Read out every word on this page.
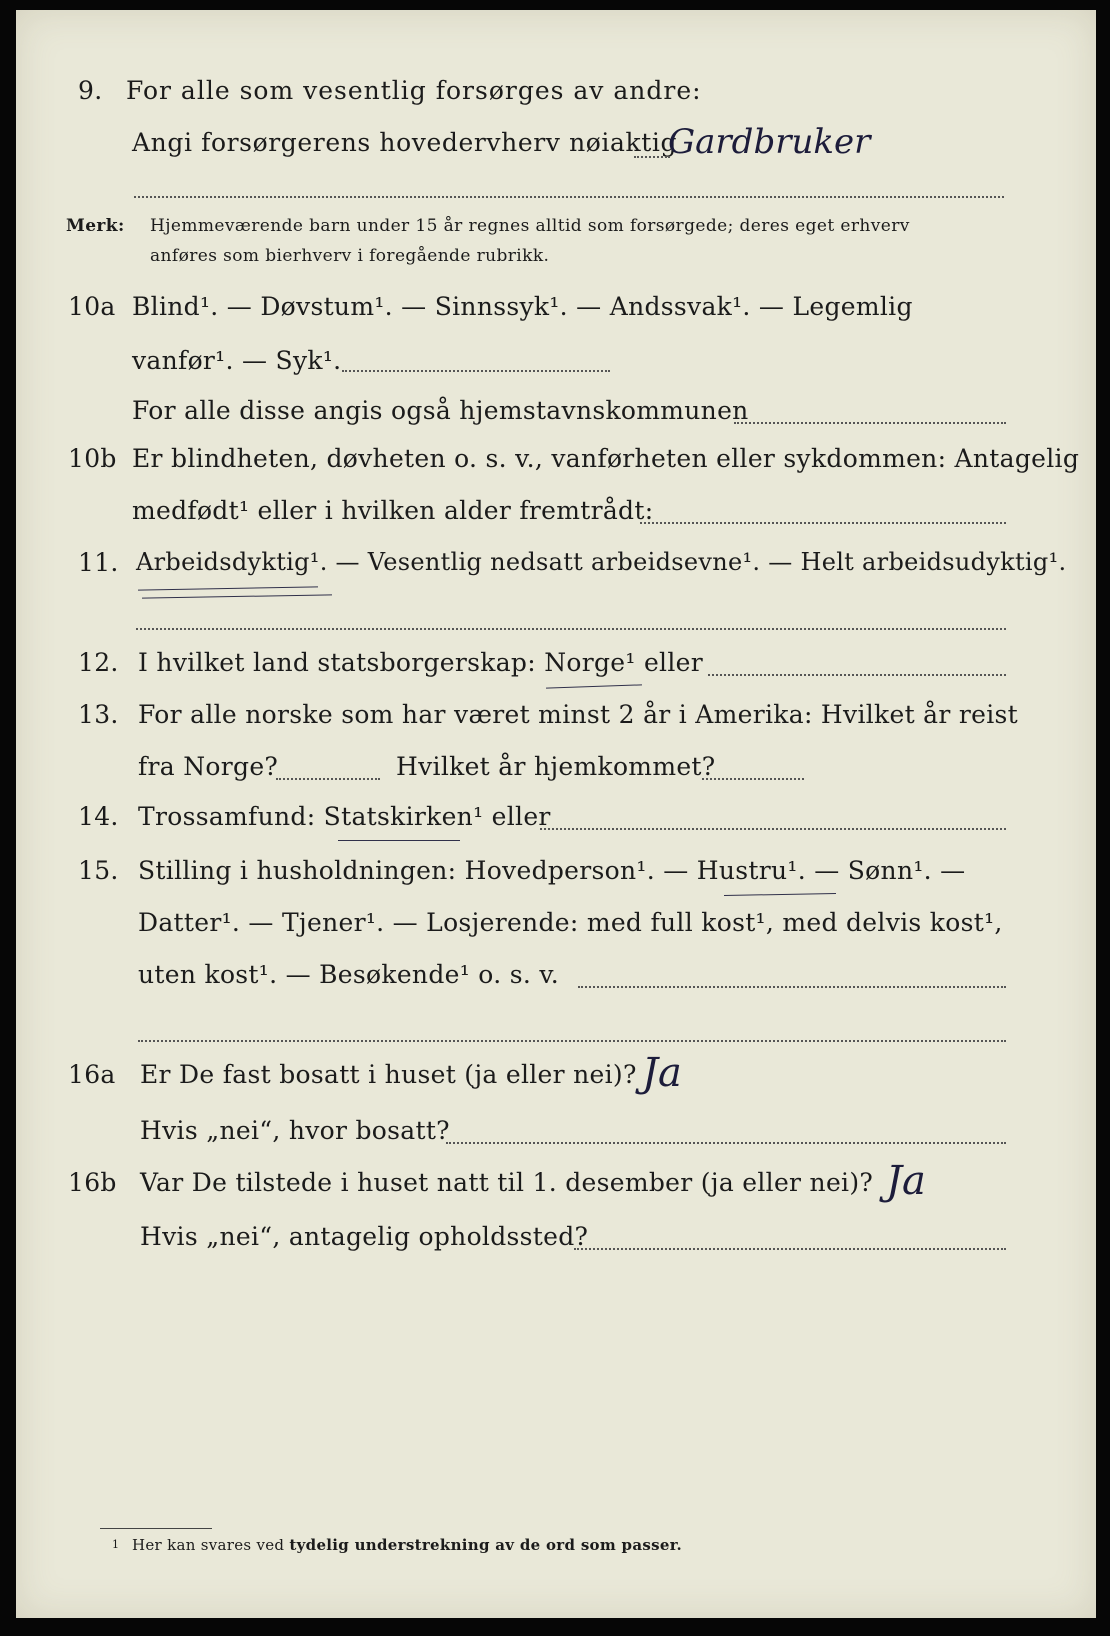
9. For alle som vesentlig forsørges av andre:
Angi forsørgerens hovedervherv nøiaktig
Gardbruker
Merk: Hjemmeværende barn under 15 år regnes alltid som forsørgede; deres eget erhverv
anføres som bierhverv i foregående rubrikk.
10a Blind¹. — Døvstum¹. — Sinnssyk¹. — Andssvak¹. — Legemlig
vanfør¹. — Syk¹.
For alle disse angis også hjemstavnskommunen
10b Er blindheten, døvheten o. s. v., vanførheten eller sykdommen: Antagelig
medfødt¹ eller i hvilken alder fremtrådt:
11. Arbeidsdyktig¹. — Vesentlig nedsatt arbeidsevne¹. — Helt arbeidsudyktig¹.
12. I hvilket land statsborgerskap: Norge¹ eller
13. For alle norske som har været minst 2 år i Amerika: Hvilket år reist
fra Norge?	Hvilket år hjemkommet?
14. Trossamfund: Statskirken¹ eller
15. Stilling i husholdningen: Hovedperson¹. — Hustru¹. — Sønn¹. —
Datter¹. — Tjener¹. — Losjerende: med full kost¹, med delvis kost¹,
uten kost¹. — Besøkende¹ o. s. v.
16a Er De fast bosatt i huset (ja eller nei)? Ja
Hvis „nei“, hvor bosatt?
16b Var De tilstede i huset natt til 1. desember (ja eller nei)? Ja
Hvis „nei“, antagelig opholdssted?
1 Her kan svares ved tydelig understrekning av de ord som passer.
